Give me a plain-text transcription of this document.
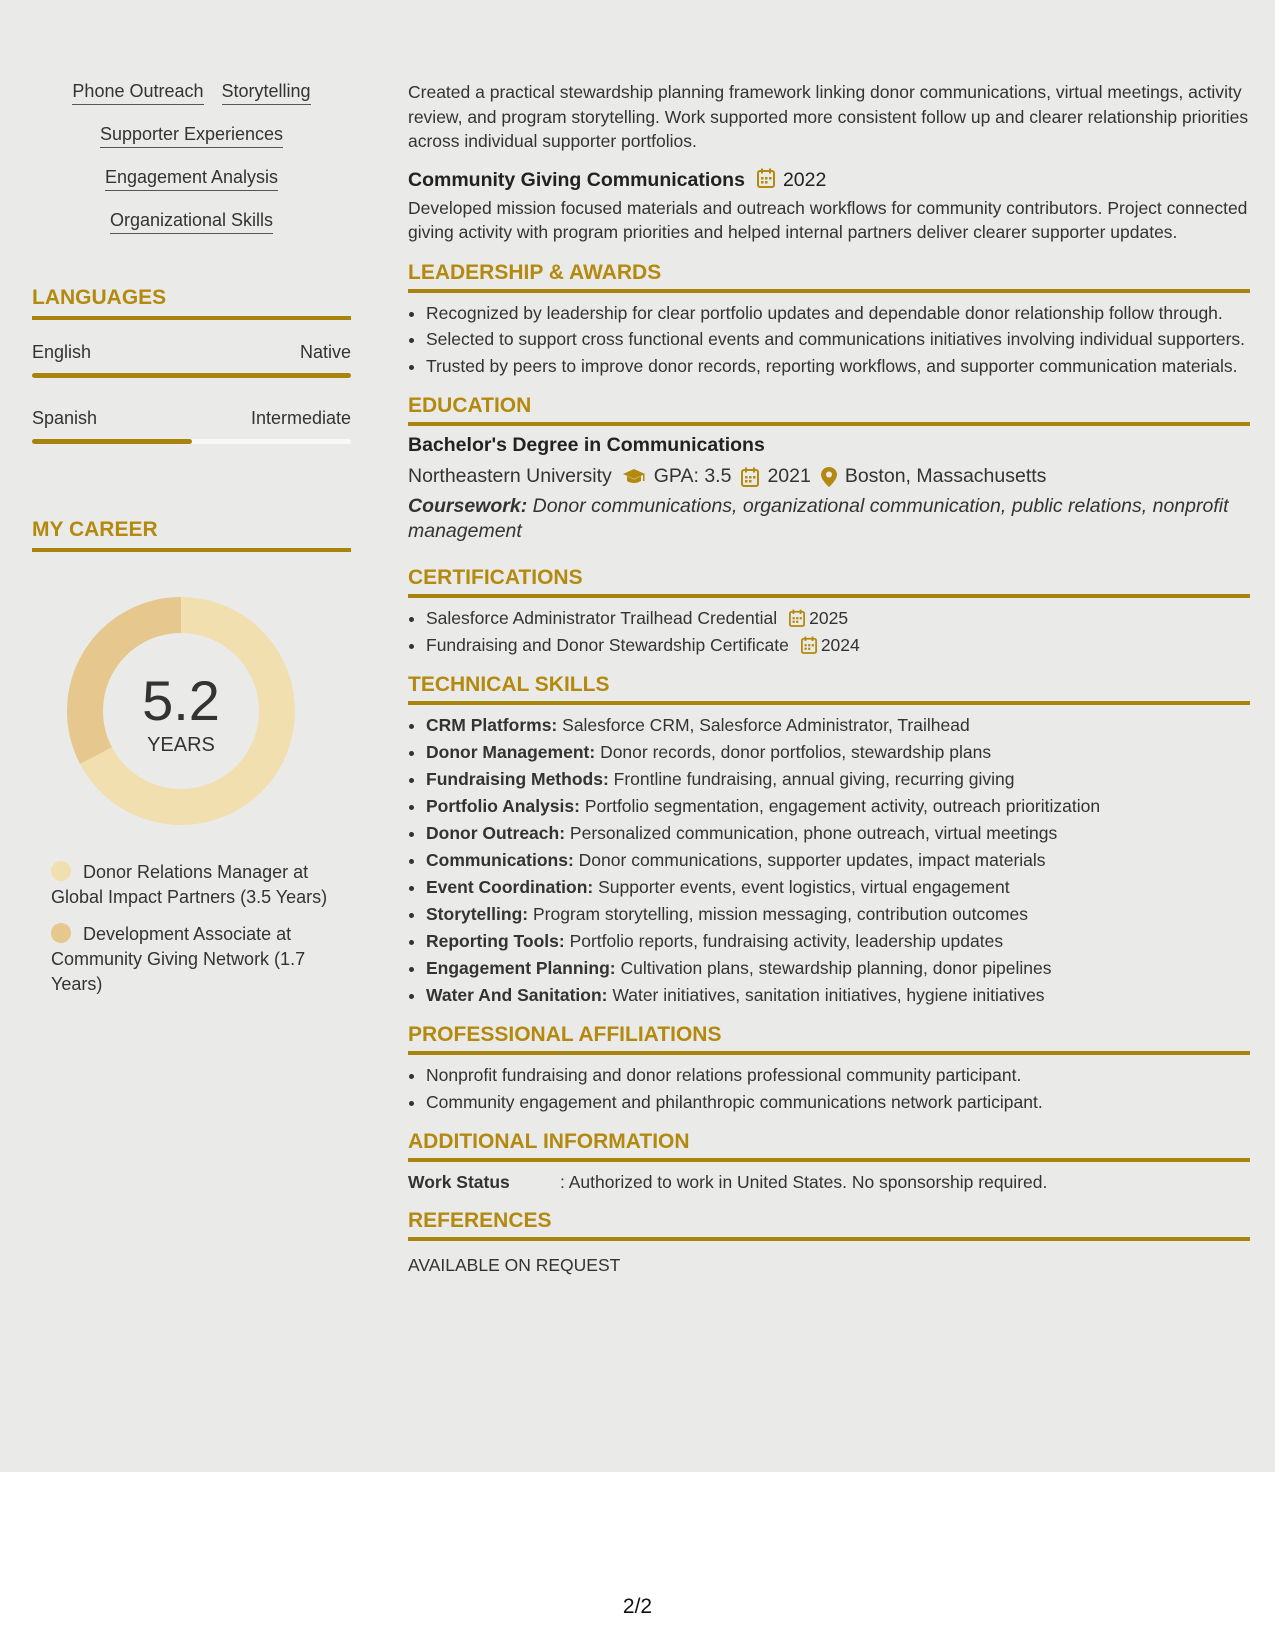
Phone Outreach Storytelling
Supporter Experiences
Engagement Analysis
Organizational Skills
LANGUAGES
English	Native
Spanish	Intermediate
MY CAREER
5.2
YEARS
Donor Relations Manager at Global Impact Partners (3.5 Years)
Development Associate at Community Giving Network (1.7 Years)

Created a practical stewardship planning framework linking donor communications, virtual meetings, activity review, and program storytelling. Work supported more consistent follow up and clearer relationship priorities across individual supporter portfolios.

Community Giving Communications 2022

Developed mission focused materials and outreach workflows for community contributors. Project connected giving activity with program priorities and helped internal partners deliver clearer supporter updates.

LEADERSHIP & AWARDS
• Recognized by leadership for clear portfolio updates and dependable donor relationship follow through.
• Selected to support cross functional events and communications initiatives involving individual supporters.
• Trusted by peers to improve donor records, reporting workflows, and supporter communication materials.
EDUCATION
Bachelor's Degree in Communications
Northeastern University GPA: 3.5 2021 Boston, Massachusetts
Coursework: Donor communications, organizational communication, public relations, nonprofit management
CERTIFICATIONS
• Salesforce Administrator Trailhead Credential 2025
• Fundraising and Donor Stewardship Certificate 2024
TECHNICAL SKILLS
• CRM Platforms: Salesforce CRM, Salesforce Administrator, Trailhead
• Donor Management: Donor records, donor portfolios, stewardship plans
• Fundraising Methods: Frontline fundraising, annual giving, recurring giving
• Portfolio Analysis: Portfolio segmentation, engagement activity, outreach prioritization
• Donor Outreach: Personalized communication, phone outreach, virtual meetings
• Communications: Donor communications, supporter updates, impact materials
• Event Coordination: Supporter events, event logistics, virtual engagement
• Storytelling: Program storytelling, mission messaging, contribution outcomes
• Reporting Tools: Portfolio reports, fundraising activity, leadership updates
• Engagement Planning: Cultivation plans, stewardship planning, donor pipelines
• Water And Sanitation: Water initiatives, sanitation initiatives, hygiene initiatives
PROFESSIONAL AFFILIATIONS
• Nonprofit fundraising and donor relations professional community participant.
• Community engagement and philanthropic communications network participant.
ADDITIONAL INFORMATION
Work Status	: Authorized to work in United States. No sponsorship required.
REFERENCES
AVAILABLE ON REQUEST
2/2
